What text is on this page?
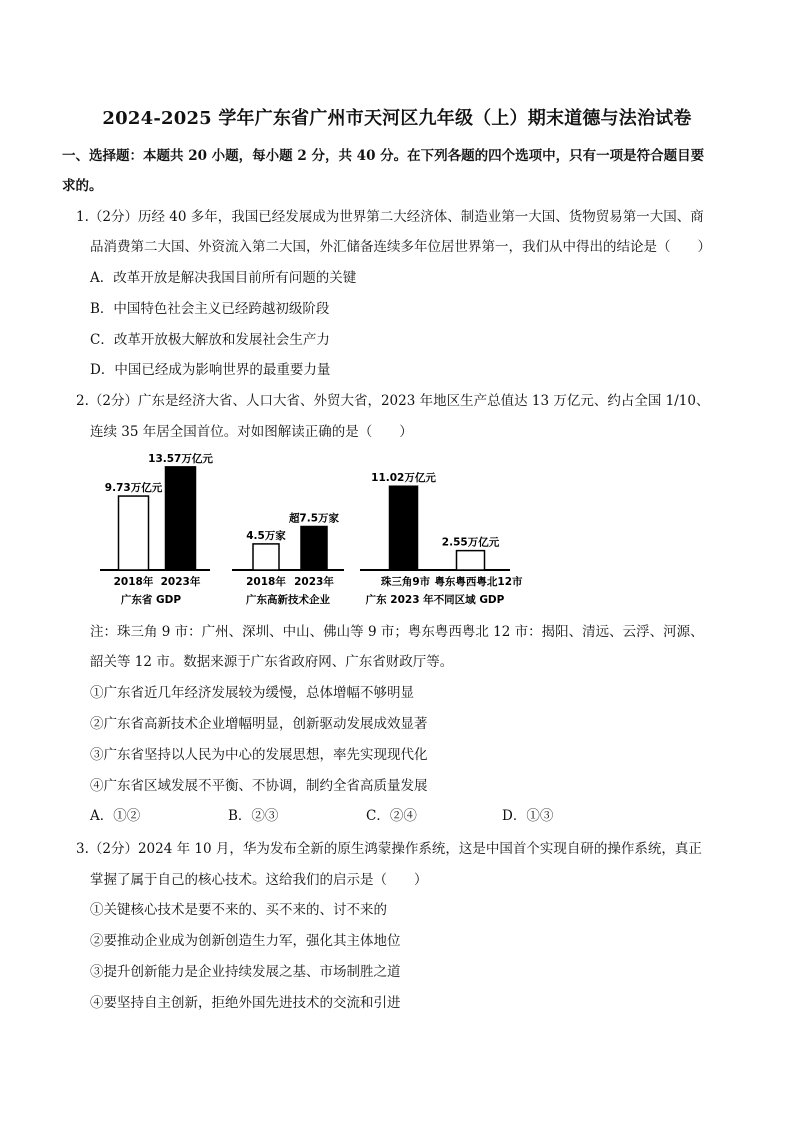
2024-2025 学年广东省广州市天河区九年级（上）期末道德与法治试卷
一、选择题：本题共 20 小题，每小题 2 分，共 40 分。在下列各题的四个选项中，只有一项是符合题目要
求的。
1.（2分）历经 40 多年，我国已经发展成为世界第二大经济体、制造业第一大国、货物贸易第一大国、商
品消费第二大国、外资流入第二大国，外汇储备连续多年位居世界第一，我们从中得出的结论是（　　）
A．改革开放是解决我国目前所有问题的关键
B．中国特色社会主义已经跨越初级阶段
C．改革开放极大解放和发展社会生产力
D．中国已经成为影响世界的最重要力量
2.（2分）广东是经济大省、人口大省、外贸大省，2023 年地区生产总值达 13 万亿元、约占全国 1/10、
连续 35 年居全国首位。对如图解读正确的是（　　）
9.73万亿元
2018年
13.57万亿元
2023年
广东省 GDP
4.5万家
2018年
超7.5万家
2023年
广东高新技术企业
11.02万亿元
珠三角9市
2.55万亿元
粤东粤西粤北12市
广东 2023 年不同区域 GDP
注：珠三角 9 市：广州、深圳、中山、佛山等 9 市；粤东粤西粤北 12 市：揭阳、清远、云浮、河源、
韶关等 12 市。数据来源于广东省政府网、广东省财政厅等。
①广东省近几年经济发展较为缓慢，总体增幅不够明显
②广东省高新技术企业增幅明显，创新驱动发展成效显著
③广东省坚持以人民为中心的发展思想，率先实现现代化
④广东省区域发展不平衡、不协调，制约全省高质量发展
A．①②	B．②③	C．②④	D．①③
3.（2分）2024 年 10 月，华为发布全新的原生鸿蒙操作系统，这是中国首个实现自研的操作系统，真正
掌握了属于自己的核心技术。这给我们的启示是（　　）
①关键核心技术是要不来的、买不来的、讨不来的
②要推动企业成为创新创造生力军，强化其主体地位
③提升创新能力是企业持续发展之基、市场制胜之道
④要坚持自主创新，拒绝外国先进技术的交流和引进
